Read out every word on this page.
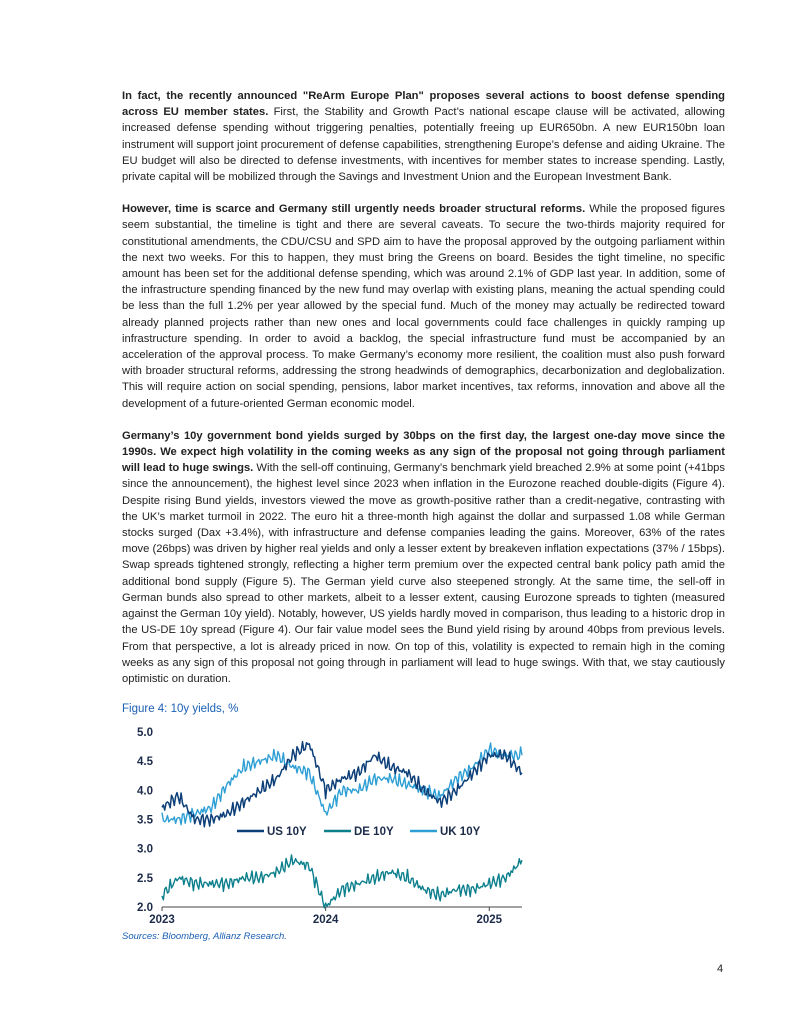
In fact, the recently announced "ReArm Europe Plan" proposes several actions to boost defense spending across EU member states. First, the Stability and Growth Pact’s national escape clause will be activated, allowing increased defense spending without triggering penalties, potentially freeing up EUR650bn. A new EUR150bn loan instrument will support joint procurement of defense capabilities, strengthening Europe’s defense and aiding Ukraine. The EU budget will also be directed to defense investments, with incentives for member states to increase spending. Lastly, private capital will be mobilized through the Savings and Investment Union and the European Investment Bank.

However, time is scarce and Germany still urgently needs broader structural reforms. While the proposed figures seem substantial, the timeline is tight and there are several caveats. To secure the two-thirds majority required for constitutional amendments, the CDU/CSU and SPD aim to have the proposal approved by the outgoing parliament within the next two weeks. For this to happen, they must bring the Greens on board. Besides the tight timeline, no specific amount has been set for the additional defense spending, which was around 2.1% of GDP last year. In addition, some of the infrastructure spending financed by the new fund may overlap with existing plans, meaning the actual spending could be less than the full 1.2% per year allowed by the special fund. Much of the money may actually be redirected toward already planned projects rather than new ones and local governments could face challenges in quickly ramping up infrastructure spending. In order to avoid a backlog, the special infrastructure fund must be accompanied by an acceleration of the approval process. To make Germany’s economy more resilient, the coalition must also push forward with broader structural reforms, addressing the strong headwinds of demographics, decarbonization and deglobalization. This will require action on social spending, pensions, labor market incentives, tax reforms, innovation and above all the development of a future-oriented German economic model.

Germany’s 10y government bond yields surged by 30bps on the first day, the largest one-day move since the 1990s. We expect high volatility in the coming weeks as any sign of the proposal not going through parliament will lead to huge swings. With the sell-off continuing, Germany’s benchmark yield breached 2.9% at some point (+41bps since the announcement), the highest level since 2023 when inflation in the Eurozone reached double-digits (Figure 4). Despite rising Bund yields, investors viewed the move as growth-positive rather than a credit-negative, contrasting with the UK’s market turmoil in 2022. The euro hit a three-month high against the dollar and surpassed 1.08 while German stocks surged (Dax +3.4%), with infrastructure and defense companies leading the gains. Moreover, 63% of the rates move (26bps) was driven by higher real yields and only a lesser extent by breakeven inflation expectations (37% / 15bps). Swap spreads tightened strongly, reflecting a higher term premium over the expected central bank policy path amid the additional bond supply (Figure 5). The German yield curve also steepened strongly. At the same time, the sell-off in German bunds also spread to other markets, albeit to a lesser extent, causing Eurozone spreads to tighten (measured against the German 10y yield). Notably, however, US yields hardly moved in comparison, thus leading to a historic drop in the US-DE 10y spread (Figure 4). Our fair value model sees the Bund yield rising by around 40bps from previous levels. From that perspective, a lot is already priced in now. On top of this, volatility is expected to remain high in the coming weeks as any sign of this proposal not going through in parliament will lead to huge swings. With that, we stay cautiously optimistic on duration.

Figure 4: 10y yields, %
5.0
4.5
4.0
3.5
3.0
2.5
2.0
2023	2024	2025
US 10Y	DE 10Y	UK 10Y
Sources: Bloomberg, Allianz Research.
4
